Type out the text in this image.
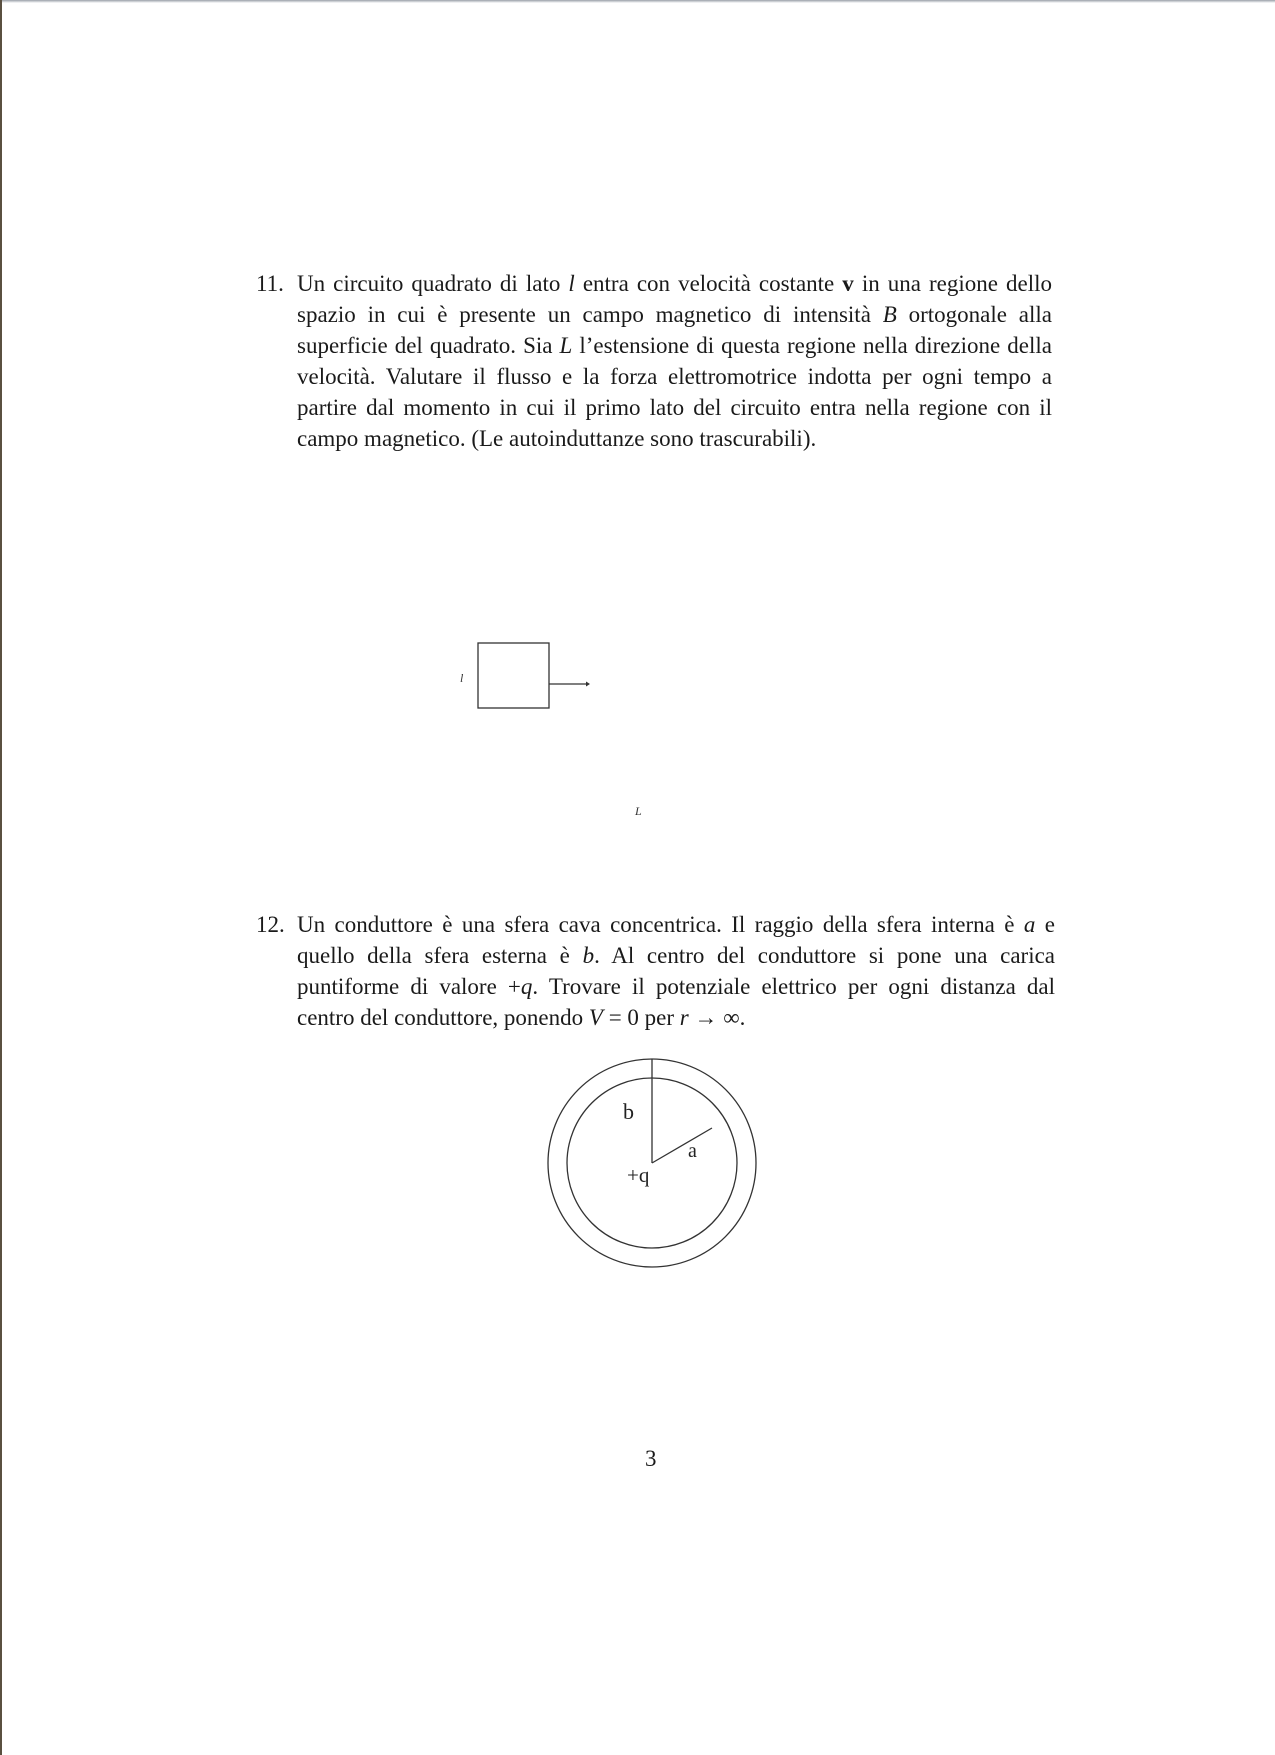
11. Un circuito quadrato di lato l entra con velocità costante v in una regione dello spazio in cui è presente un campo magnetico di intensità B ortogonale alla superficie del quadrato. Sia L l’estensione di questa regione nella direzione della velocità. Valutare il flusso e la forza elettromotrice indotta per ogni tempo a partire dal momento in cui il primo lato del circuito entra nella regione con il campo magnetico. (Le autoinduttanze sono trascurabili).
l
L
12. Un conduttore è una sfera cava concentrica. Il raggio della sfera interna è a e quello della sfera esterna è b. Al centro del conduttore si pone una carica puntiforme di valore +q. Trovare il potenziale elettrico per ogni distanza dal centro del conduttore, ponendo V = 0 per r → ∞.
b
a
+q
3
